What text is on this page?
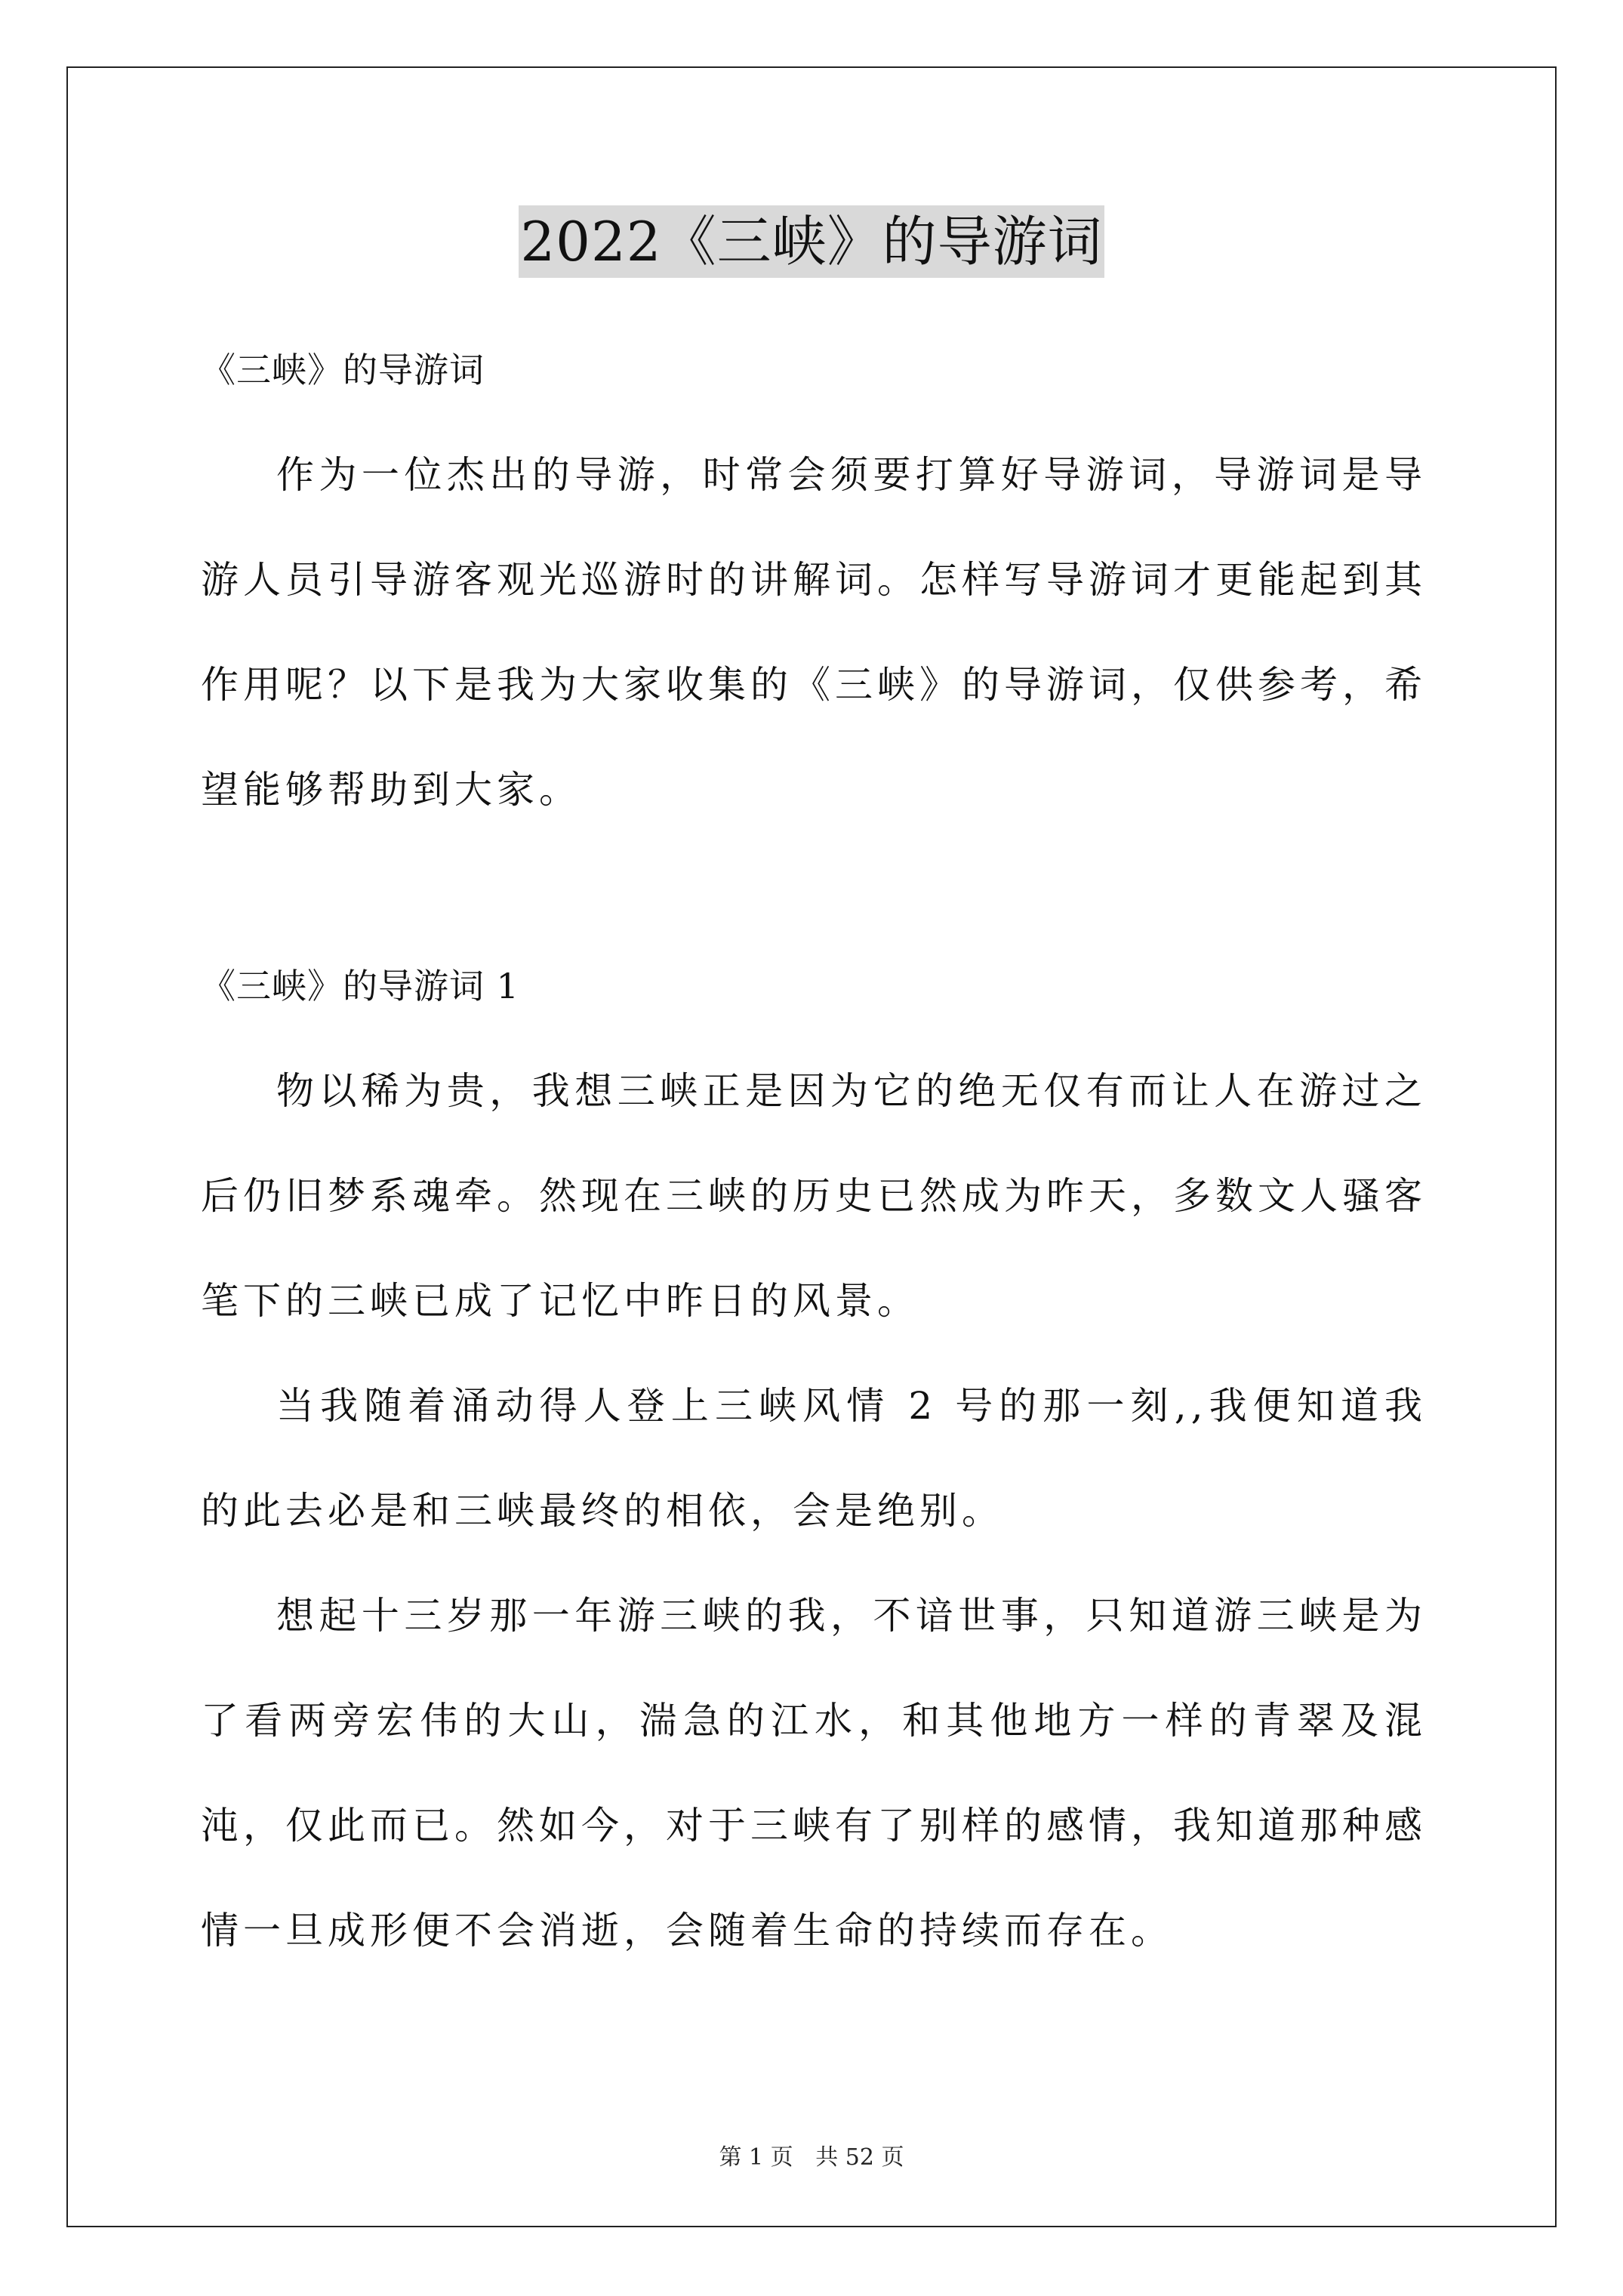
2022《三峡》的导游词

《三峡》的导游词

作为一位杰出的导游，时常会须要打算好导游词，导游词是导游人员引导游客观光巡游时的讲解词。怎样写导游词才更能起到其作用呢？以下是我为大家收集的《三峡》的导游词，仅供参考，希望能够帮助到大家。

《三峡》的导游词 1

物以稀为贵，我想三峡正是因为它的绝无仅有而让人在游过之后仍旧梦系魂牵。然现在三峡的历史已然成为昨天，多数文人骚客笔下的三峡已成了记忆中昨日的风景。

当我随着涌动得人登上三峡风情 2 号的那一刻,,我便知道我的此去必是和三峡最终的相依，会是绝别。

想起十三岁那一年游三峡的我，不谙世事，只知道游三峡是为了看两旁宏伟的大山，湍急的江水，和其他地方一样的青翠及混沌，仅此而已。然如今，对于三峡有了别样的感情，我知道那种感情一旦成形便不会消逝，会随着生命的持续而存在。

第 1 页 共 52 页
